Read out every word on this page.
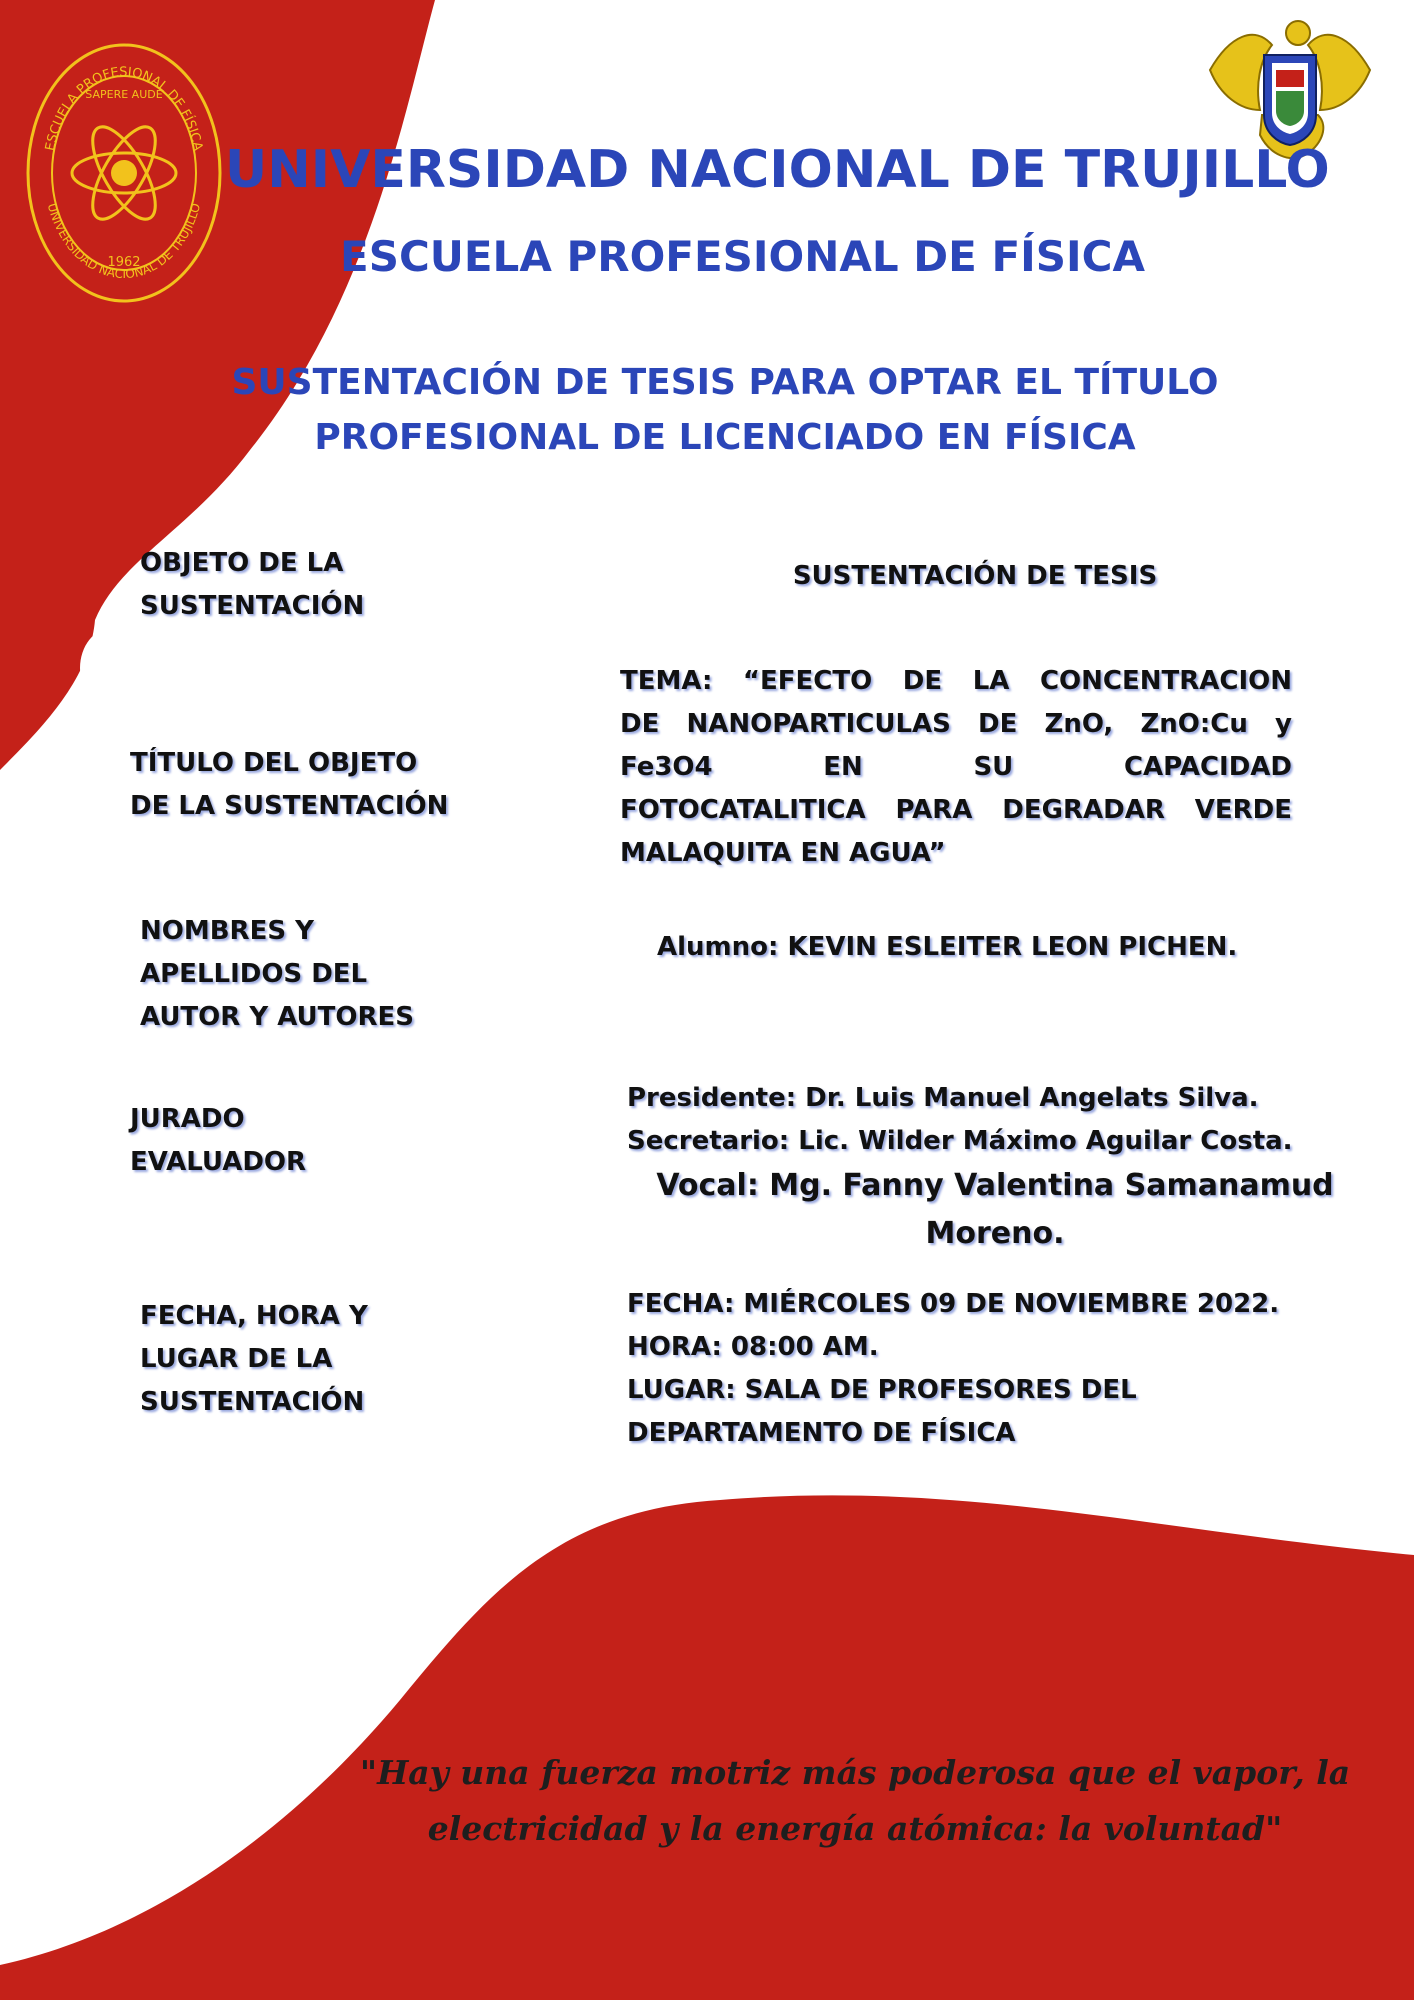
ESCUELA PROFESIONAL DE FÍSICA
UNIVERSIDAD NACIONAL DE TRUJILLO
SAPERE AUDE
1962
UNIVERSIDAD NACIONAL DE TRUJILLO
ESCUELA PROFESIONAL DE FÍSICA
SUSTENTACIÓN DE TESIS PARA OPTAR EL TÍTULO
PROFESIONAL DE LICENCIADO EN FÍSICA
OBJETO DE LA
SUSTENTACIÓN
SUSTENTACIÓN DE TESIS
TÍTULO DEL OBJETO
DE LA SUSTENTACIÓN
TEMA: “EFECTO DE LA CONCENTRACION
DE NANOPARTICULAS DE ZnO, ZnO:Cu y
Fe3O4 EN SU CAPACIDAD
FOTOCATALITICA PARA DEGRADAR VERDE
MALAQUITA EN AGUA”
NOMBRES Y
APELLIDOS DEL
AUTOR Y AUTORES
Alumno: KEVIN ESLEITER LEON PICHEN.
JURADO
EVALUADOR
Presidente: Dr. Luis Manuel Angelats Silva.
Secretario: Lic. Wilder Máximo Aguilar Costa.
Vocal: Mg. Fanny Valentina Samanamud
Moreno.
FECHA, HORA Y
LUGAR DE LA
SUSTENTACIÓN
FECHA: MIÉRCOLES 09 DE NOVIEMBRE 2022.
HORA: 08:00 AM.
LUGAR: SALA DE PROFESORES DEL
DEPARTAMENTO DE FÍSICA
"Hay una fuerza motriz más poderosa que el vapor, la
electricidad y la energía atómica: la voluntad"
